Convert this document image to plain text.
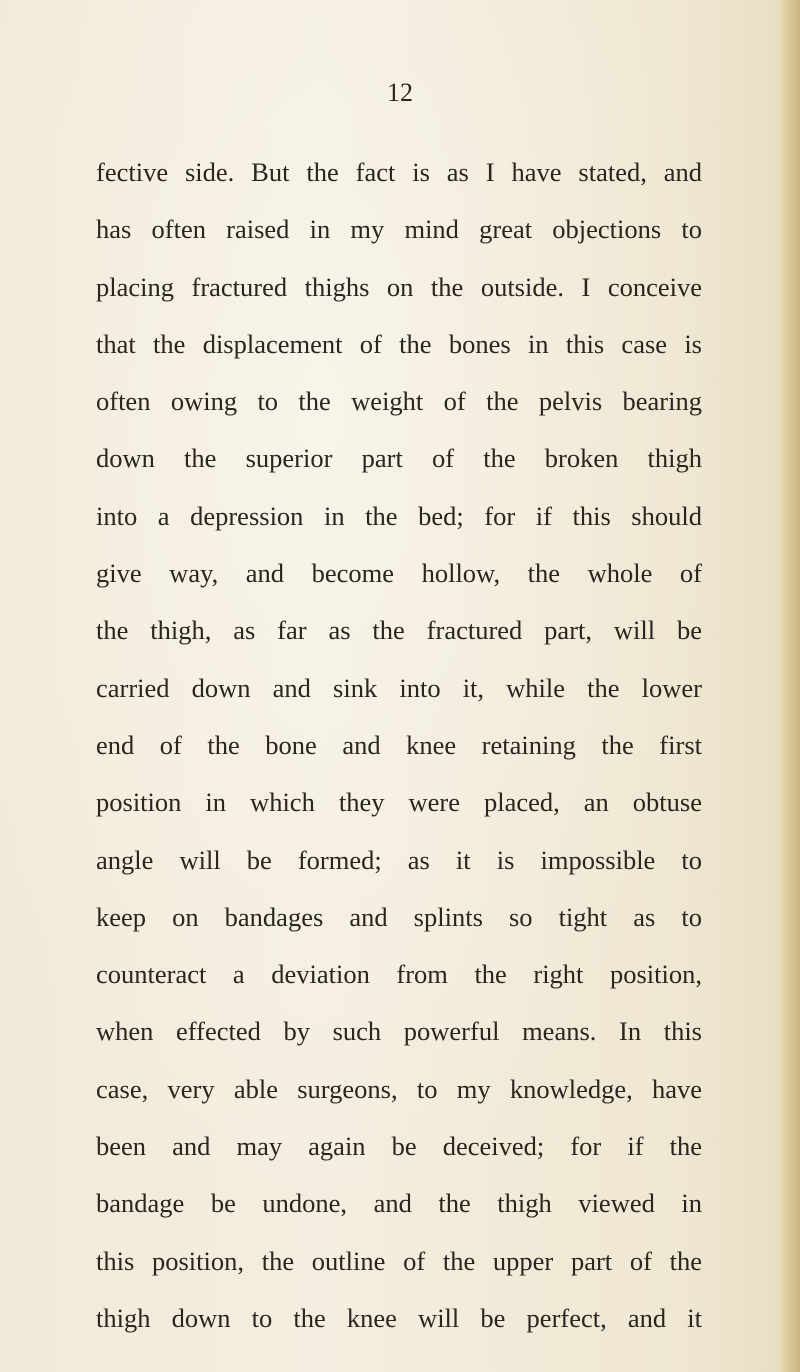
12
fective side. But the fact is as I have stated, and
has often raised in my mind great objections to
placing fractured thighs on the outside. I conceive
that the displacement of the bones in this case is
often owing to the weight of the pelvis bearing
down the superior part of the broken thigh
into a depression in the bed; for if this should
give way, and become hollow, the whole of
the thigh, as far as the fractured part, will be
carried down and sink into it, while the lower
end of the bone and knee retaining the first
position in which they were placed, an obtuse
angle will be formed; as it is impossible to
keep on bandages and splints so tight as to
counteract a deviation from the right position,
when effected by such powerful means. In this
case, very able surgeons, to my knowledge, have
been and may again be deceived; for if the
bandage be undone, and the thigh viewed in
this position, the outline of the upper part of the
thigh down to the knee will be perfect, and it
